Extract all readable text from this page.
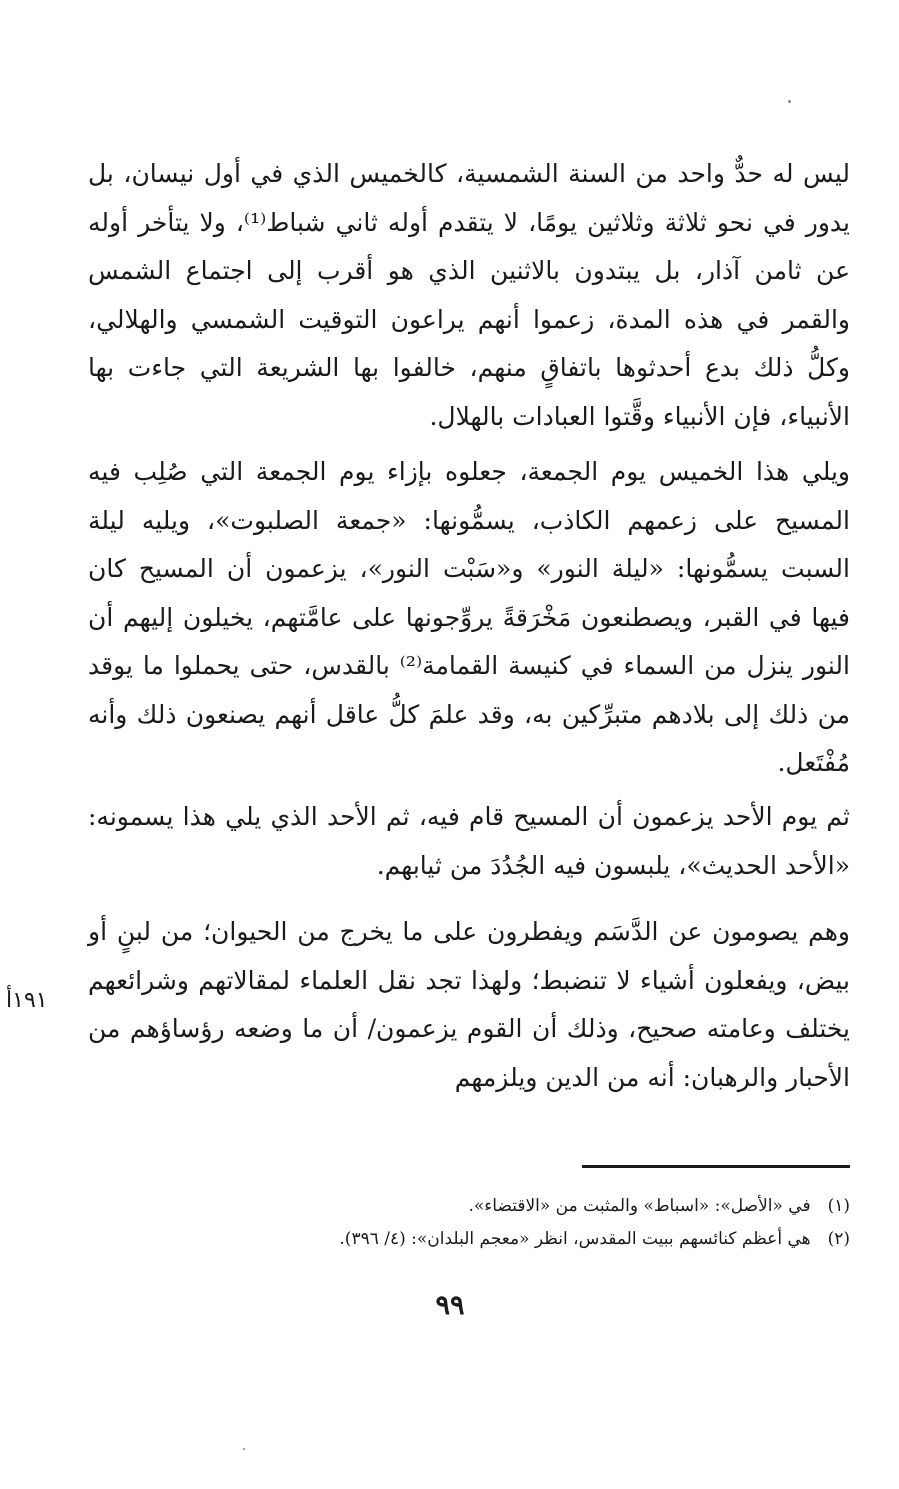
ليس له حدٌّ واحد من السنة الشمسية، كالخميس الذي في أول نيسان، بل يدور في نحو ثلاثة وثلاثين يومًا، لا يتقدم أوله ثاني شباط⁽¹⁾، ولا يتأخر أوله عن ثامن آذار، بل يبتدون بالاثنين الذي هو أقرب إلى اجتماع الشمس والقمر في هذه المدة، زعموا أنهم يراعون التوقيت الشمسي والهلالي، وكلُّ ذلك بدع أحدثوها باتفاقٍ منهم، خالفوا بها الشريعة التي جاءت بها الأنبياء، فإن الأنبياء وقَّتوا العبادات بالهلال.

ويلي هذا الخميس يوم الجمعة، جعلوه بإزاء يوم الجمعة التي صُلِب فيه المسيح على زعمهم الكاذب، يسمُّونها: «جمعة الصلبوت»، ويليه ليلة السبت يسمُّونها: «ليلة النور» و«سَبْت النور»، يزعمون أن المسيح كان فيها في القبر، ويصطنعون مَخْرَقةً يروِّجونها على عامَّتهم، يخيلون إليهم أن النور ينزل من السماء في كنيسة القمامة⁽²⁾ بالقدس، حتى يحملوا ما يوقد من ذلك إلى بلادهم متبرِّكين به، وقد علمَ كلُّ عاقل أنهم يصنعون ذلك وأنه مُفْتَعل.

ثم يوم الأحد يزعمون أن المسيح قام فيه، ثم الأحد الذي يلي هذا يسمونه: «الأحد الحديث»، يلبسون فيه الجُدُدَ من ثيابهم.

وهم يصومون عن الدَّسَم ويفطرون على ما يخرج من الحيوان؛ من لبنٍ أو بيض، ويفعلون أشياء لا تنضبط؛ ولهذا تجد نقل العلماء لمقالاتهم وشرائعهم يختلف وعامته صحيح، وذلك أن القوم يزعمون/ أن ما وضعه رؤساؤهم من الأحبار والرهبان: أنه من الدين ويلزمهم

١٩١أ

(١) في «الأصل»: «اسباط» والمثبت من «الاقتضاء».

(٢) هي أعظم كنائسهم ببيت المقدس، انظر «معجم البلدان»: (٤/ ٣٩٦).

٩٩
